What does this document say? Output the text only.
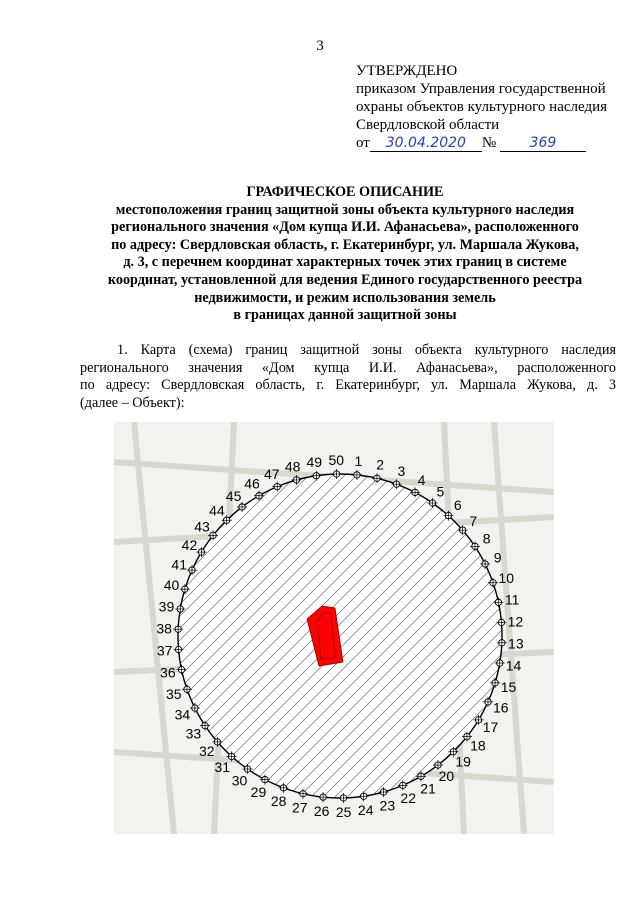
3
УТВЕРЖДЕНО
приказом Управления государственной
охраны объектов культурного наследия
Свердловской области
от 30.04.2020 № 369
ГРАФИЧЕСКОЕ ОПИСАНИЕ
местоположения границ защитной зоны объекта культурного наследия
регионального значения «Дом купца И.И. Афанасьева», расположенного
по адресу: Свердловская область, г. Екатеринбург, ул. Маршала Жукова,
д. 3, с перечнем координат характерных точек этих границ в системе
координат, установленной для ведения Единого государственного реестра
недвижимости, и режим использования земель
в границах данной защитной зоны
1. Карта (схема) границ защитной зоны объекта культурного наследия
регионального значения «Дом купца И.И. Афанасьева», расположенного
по адресу: Свердловская область, г. Екатеринбург, ул. Маршала Жукова, д. 3
(далее – Объект):
1 2 3
4
5
6
7
8
9
10
11
12
13
14
15
16
17
18
19
20
21
22
23
24
25
26
27
28
29
30
31
32
33
34
35
36
37
38
39
40
41
42
43
44
45
46
47 48 49 50
